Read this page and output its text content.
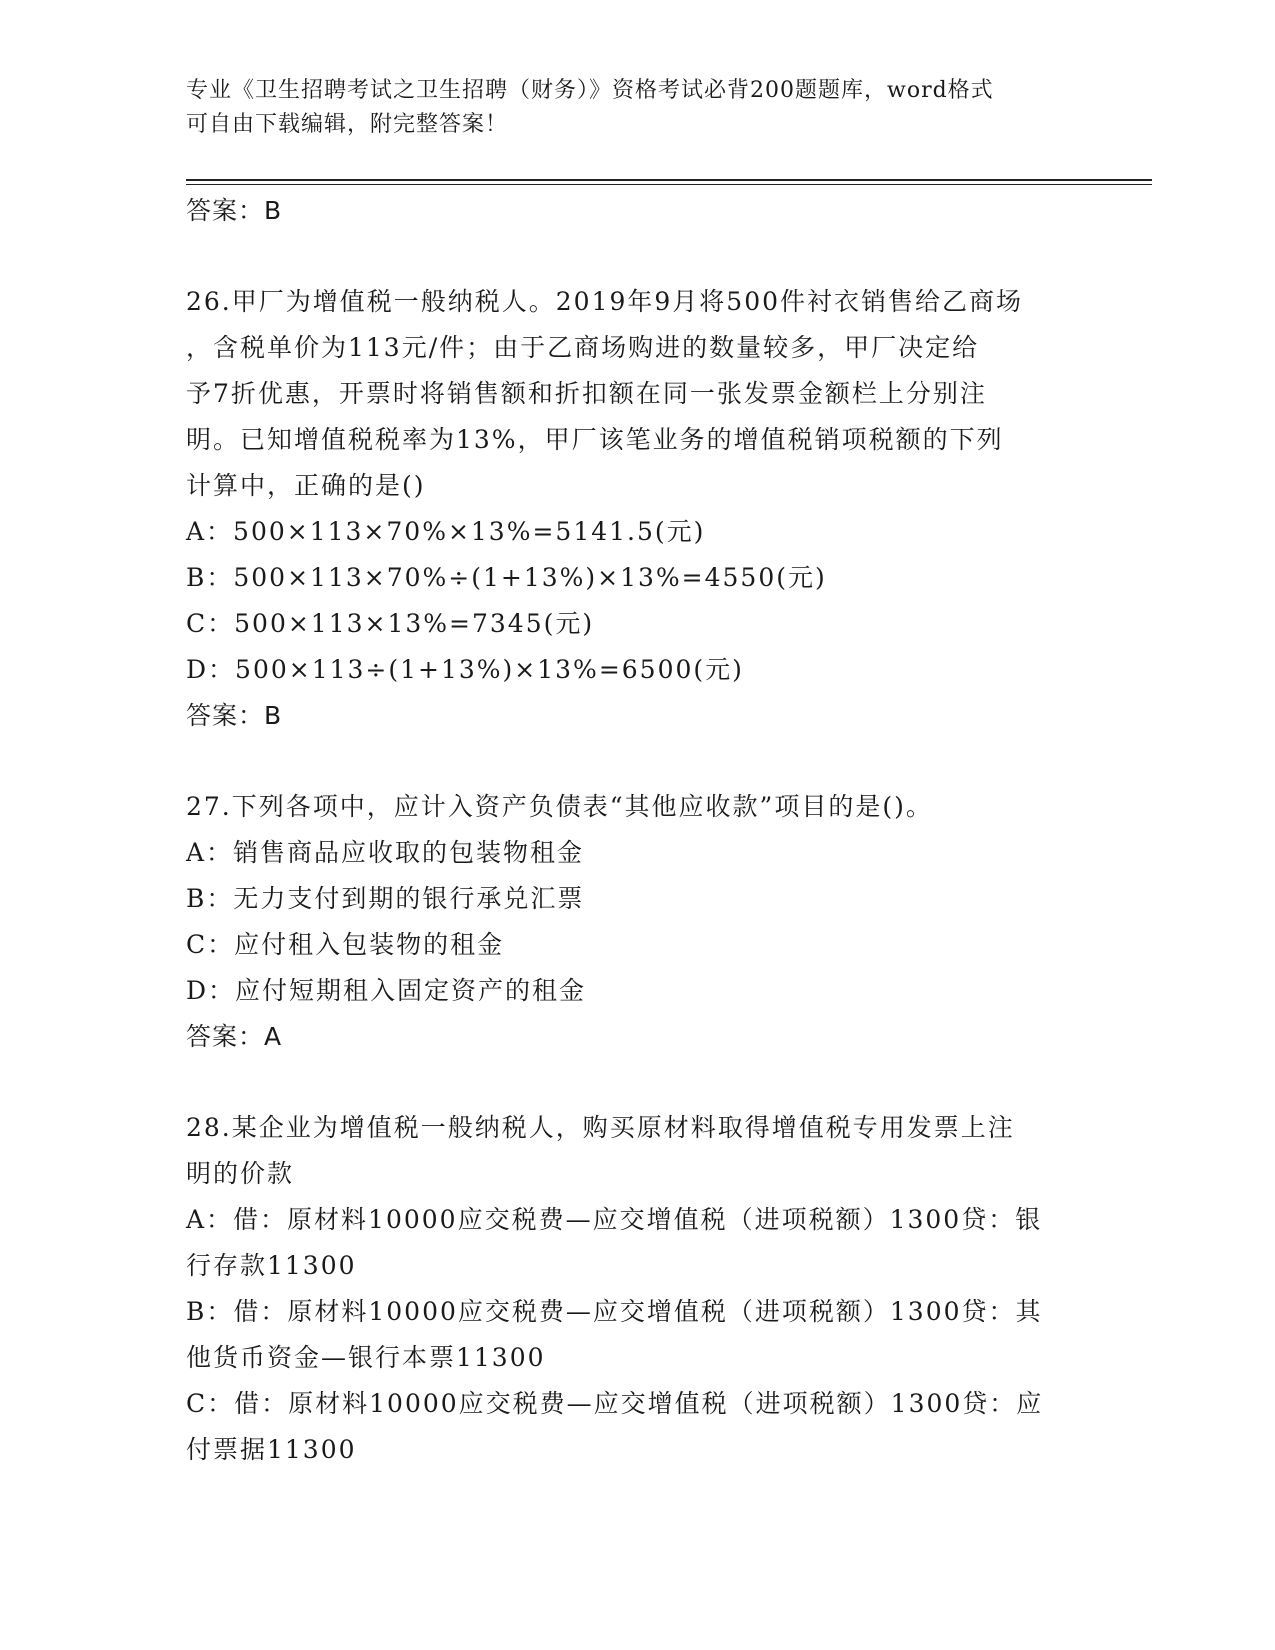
专业《卫生招聘考试之卫生招聘（财务）》资格考试必背200题题库，word格式
可自由下载编辑，附完整答案！
答案：B
26.甲厂为增值税一般纳税人。2019年9月将500件衬衣销售给乙商场
，含税单价为113元/件；由于乙商场购进的数量较多，甲厂决定给
予7折优惠，开票时将销售额和折扣额在同一张发票金额栏上分别注
明。已知增值税税率为13%，甲厂该笔业务的增值税销项税额的下列
计算中，正确的是()
A：500×113×70%×13%=5141.5(元)
B：500×113×70%÷(1+13%)×13%=4550(元)
C：500×113×13%=7345(元)
D：500×113÷(1+13%)×13%=6500(元)
答案：B
27.下列各项中，应计入资产负债表“其他应收款”项目的是()。
A：销售商品应收取的包装物租金
B：无力支付到期的银行承兑汇票
C：应付租入包装物的租金
D：应付短期租入固定资产的租金
答案：A
28.某企业为增值税一般纳税人，购买原材料取得增值税专用发票上注
明的价款
A：借：原材料10000应交税费—应交增值税（进项税额）1300贷：银
行存款11300
B：借：原材料10000应交税费—应交增值税（进项税额）1300贷：其
他货币资金—银行本票11300
C：借：原材料10000应交税费—应交增值税（进项税额）1300贷：应
付票据11300
